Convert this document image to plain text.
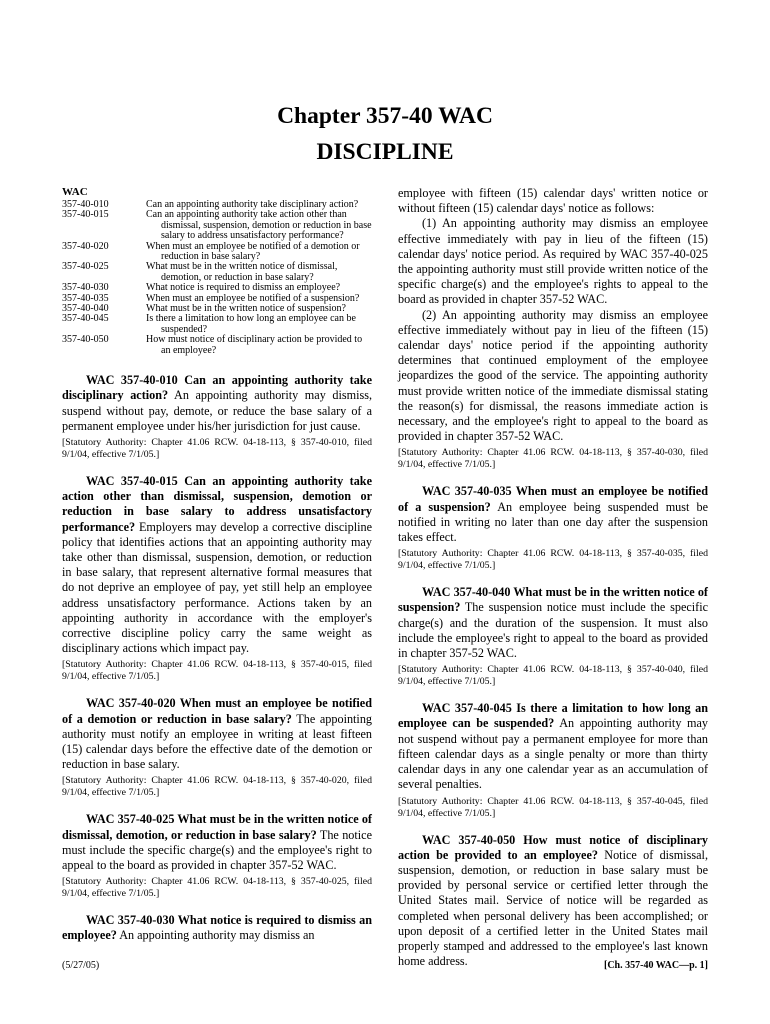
Chapter 357-40 WAC
DISCIPLINE
WAC
357-40-010	Can an appointing authority take disciplinary action?
357-40-015	Can an appointing authority take action other than dismissal, suspension, demotion or reduction in base salary to address unsatisfactory performance?
357-40-020	When must an employee be notified of a demotion or reduction in base salary?
357-40-025	What must be in the written notice of dismissal, demotion, or reduction in base salary?
357-40-030	What notice is required to dismiss an employee?
357-40-035	When must an employee be notified of a suspension?
357-40-040	What must be in the written notice of suspension?
357-40-045	Is there a limitation to how long an employee can be suspended?
357-40-050	How must notice of disciplinary action be provided to an employee?

WAC 357-40-010 Can an appointing authority take disciplinary action? An appointing authority may dismiss, suspend without pay, demote, or reduce the base salary of a permanent employee under his/her jurisdiction for just cause.

[Statutory Authority: Chapter 41.06 RCW. 04-18-113, § 357-40-010, filed 9/1/04, effective 7/1/05.]

WAC 357-40-015 Can an appointing authority take action other than dismissal, suspension, demotion or reduction in base salary to address unsatisfactory performance? Employers may develop a corrective discipline policy that identifies actions that an appointing authority may take other than dismissal, suspension, demotion, or reduction in base salary, that represent alternative formal measures that do not deprive an employee of pay, yet still help an employee address unsatisfactory performance. Actions taken by an appointing authority in accordance with the employer's corrective discipline policy carry the same weight as disciplinary actions which impact pay.

[Statutory Authority: Chapter 41.06 RCW. 04-18-113, § 357-40-015, filed 9/1/04, effective 7/1/05.]

WAC 357-40-020 When must an employee be notified of a demotion or reduction in base salary? The appointing authority must notify an employee in writing at least fifteen (15) calendar days before the effective date of the demotion or reduction in base salary.

[Statutory Authority: Chapter 41.06 RCW. 04-18-113, § 357-40-020, filed 9/1/04, effective 7/1/05.]

WAC 357-40-025 What must be in the written notice of dismissal, demotion, or reduction in base salary? The notice must include the specific charge(s) and the employee's right to appeal to the board as provided in chapter 357-52 WAC.

[Statutory Authority: Chapter 41.06 RCW. 04-18-113, § 357-40-025, filed 9/1/04, effective 7/1/05.]

WAC 357-40-030 What notice is required to dismiss an employee? An appointing authority may dismiss an

employee with fifteen (15) calendar days' written notice or without fifteen (15) calendar days' notice as follows:

(1) An appointing authority may dismiss an employee effective immediately with pay in lieu of the fifteen (15) calendar days' notice period. As required by WAC 357-40-025 the appointing authority must still provide written notice of the specific charge(s) and the employee's rights to appeal to the board as provided in chapter 357-52 WAC.

(2) An appointing authority may dismiss an employee effective immediately without pay in lieu of the fifteen (15) calendar days' notice period if the appointing authority determines that continued employment of the employee jeopardizes the good of the service. The appointing authority must provide written notice of the immediate dismissal stating the reason(s) for dismissal, the reasons immediate action is necessary, and the employee's right to appeal to the board as provided in chapter 357-52 WAC.

[Statutory Authority: Chapter 41.06 RCW. 04-18-113, § 357-40-030, filed 9/1/04, effective 7/1/05.]

WAC 357-40-035 When must an employee be notified of a suspension? An employee being suspended must be notified in writing no later than one day after the suspension takes effect.

[Statutory Authority: Chapter 41.06 RCW. 04-18-113, § 357-40-035, filed 9/1/04, effective 7/1/05.]

WAC 357-40-040 What must be in the written notice of suspension? The suspension notice must include the specific charge(s) and the duration of the suspension. It must also include the employee's right to appeal to the board as provided in chapter 357-52 WAC.

[Statutory Authority: Chapter 41.06 RCW. 04-18-113, § 357-40-040, filed 9/1/04, effective 7/1/05.]

WAC 357-40-045 Is there a limitation to how long an employee can be suspended? An appointing authority may not suspend without pay a permanent employee for more than fifteen calendar days as a single penalty or more than thirty calendar days in any one calendar year as an accumulation of several penalties.

[Statutory Authority: Chapter 41.06 RCW. 04-18-113, § 357-40-045, filed 9/1/04, effective 7/1/05.]

WAC 357-40-050 How must notice of disciplinary action be provided to an employee? Notice of dismissal, suspension, demotion, or reduction in base salary must be provided by personal service or certified letter through the United States mail. Service of notice will be regarded as completed when personal delivery has been accomplished; or upon deposit of a certified letter in the United States mail properly stamped and addressed to the employee's last known home address.

(5/27/05)	[Ch. 357-40 WAC—p. 1]
